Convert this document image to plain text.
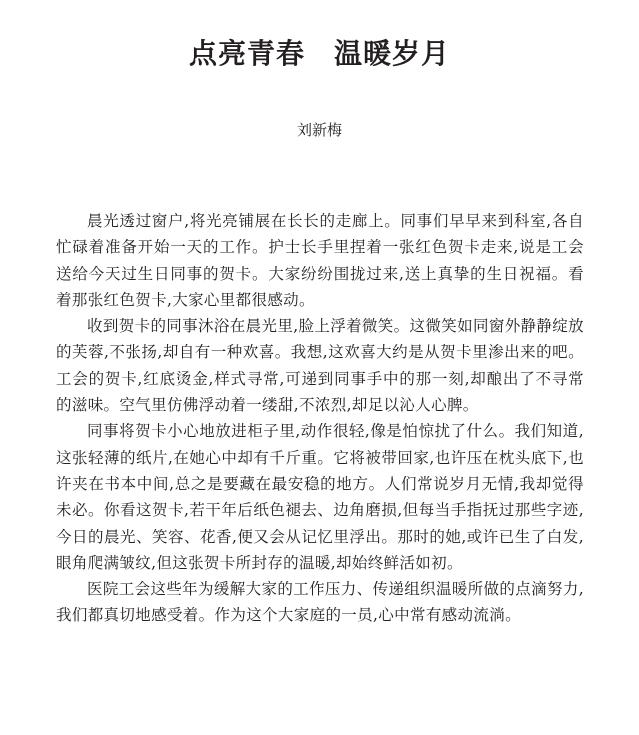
点亮青春　温暖岁月
刘新梅

晨光透过窗户,将光亮铺展在长长的走廊上。同事们早早来到科室,各自忙碌着准备开始一天的工作。护士长手里捏着一张红色贺卡走来,说是工会送给今天过生日同事的贺卡。大家纷纷围拢过来,送上真挚的生日祝福。看着那张红色贺卡,大家心里都很感动。

收到贺卡的同事沐浴在晨光里,脸上浮着微笑。这微笑如同窗外静静绽放的芙蓉,不张扬,却自有一种欢喜。我想,这欢喜大约是从贺卡里渗出来的吧。工会的贺卡,红底烫金,样式寻常,可递到同事手中的那一刻,却酿出了不寻常的滋味。空气里仿佛浮动着一缕甜,不浓烈,却足以沁人心脾。

同事将贺卡小心地放进柜子里,动作很轻,像是怕惊扰了什么。我们知道,这张轻薄的纸片,在她心中却有千斤重。它将被带回家,也许压在枕头底下,也许夹在书本中间,总之是要藏在最安稳的地方。人们常说岁月无情,我却觉得未必。你看这贺卡,若干年后纸色褪去、边角磨损,但每当手指抚过那些字迹,今日的晨光、笑容、花香,便又会从记忆里浮出。那时的她,或许已生了白发,眼角爬满皱纹,但这张贺卡所封存的温暖,却始终鲜活如初。

医院工会这些年为缓解大家的工作压力、传递组织温暖所做的点滴努力,我们都真切地感受着。作为这个大家庭的一员,心中常有感动流淌。
